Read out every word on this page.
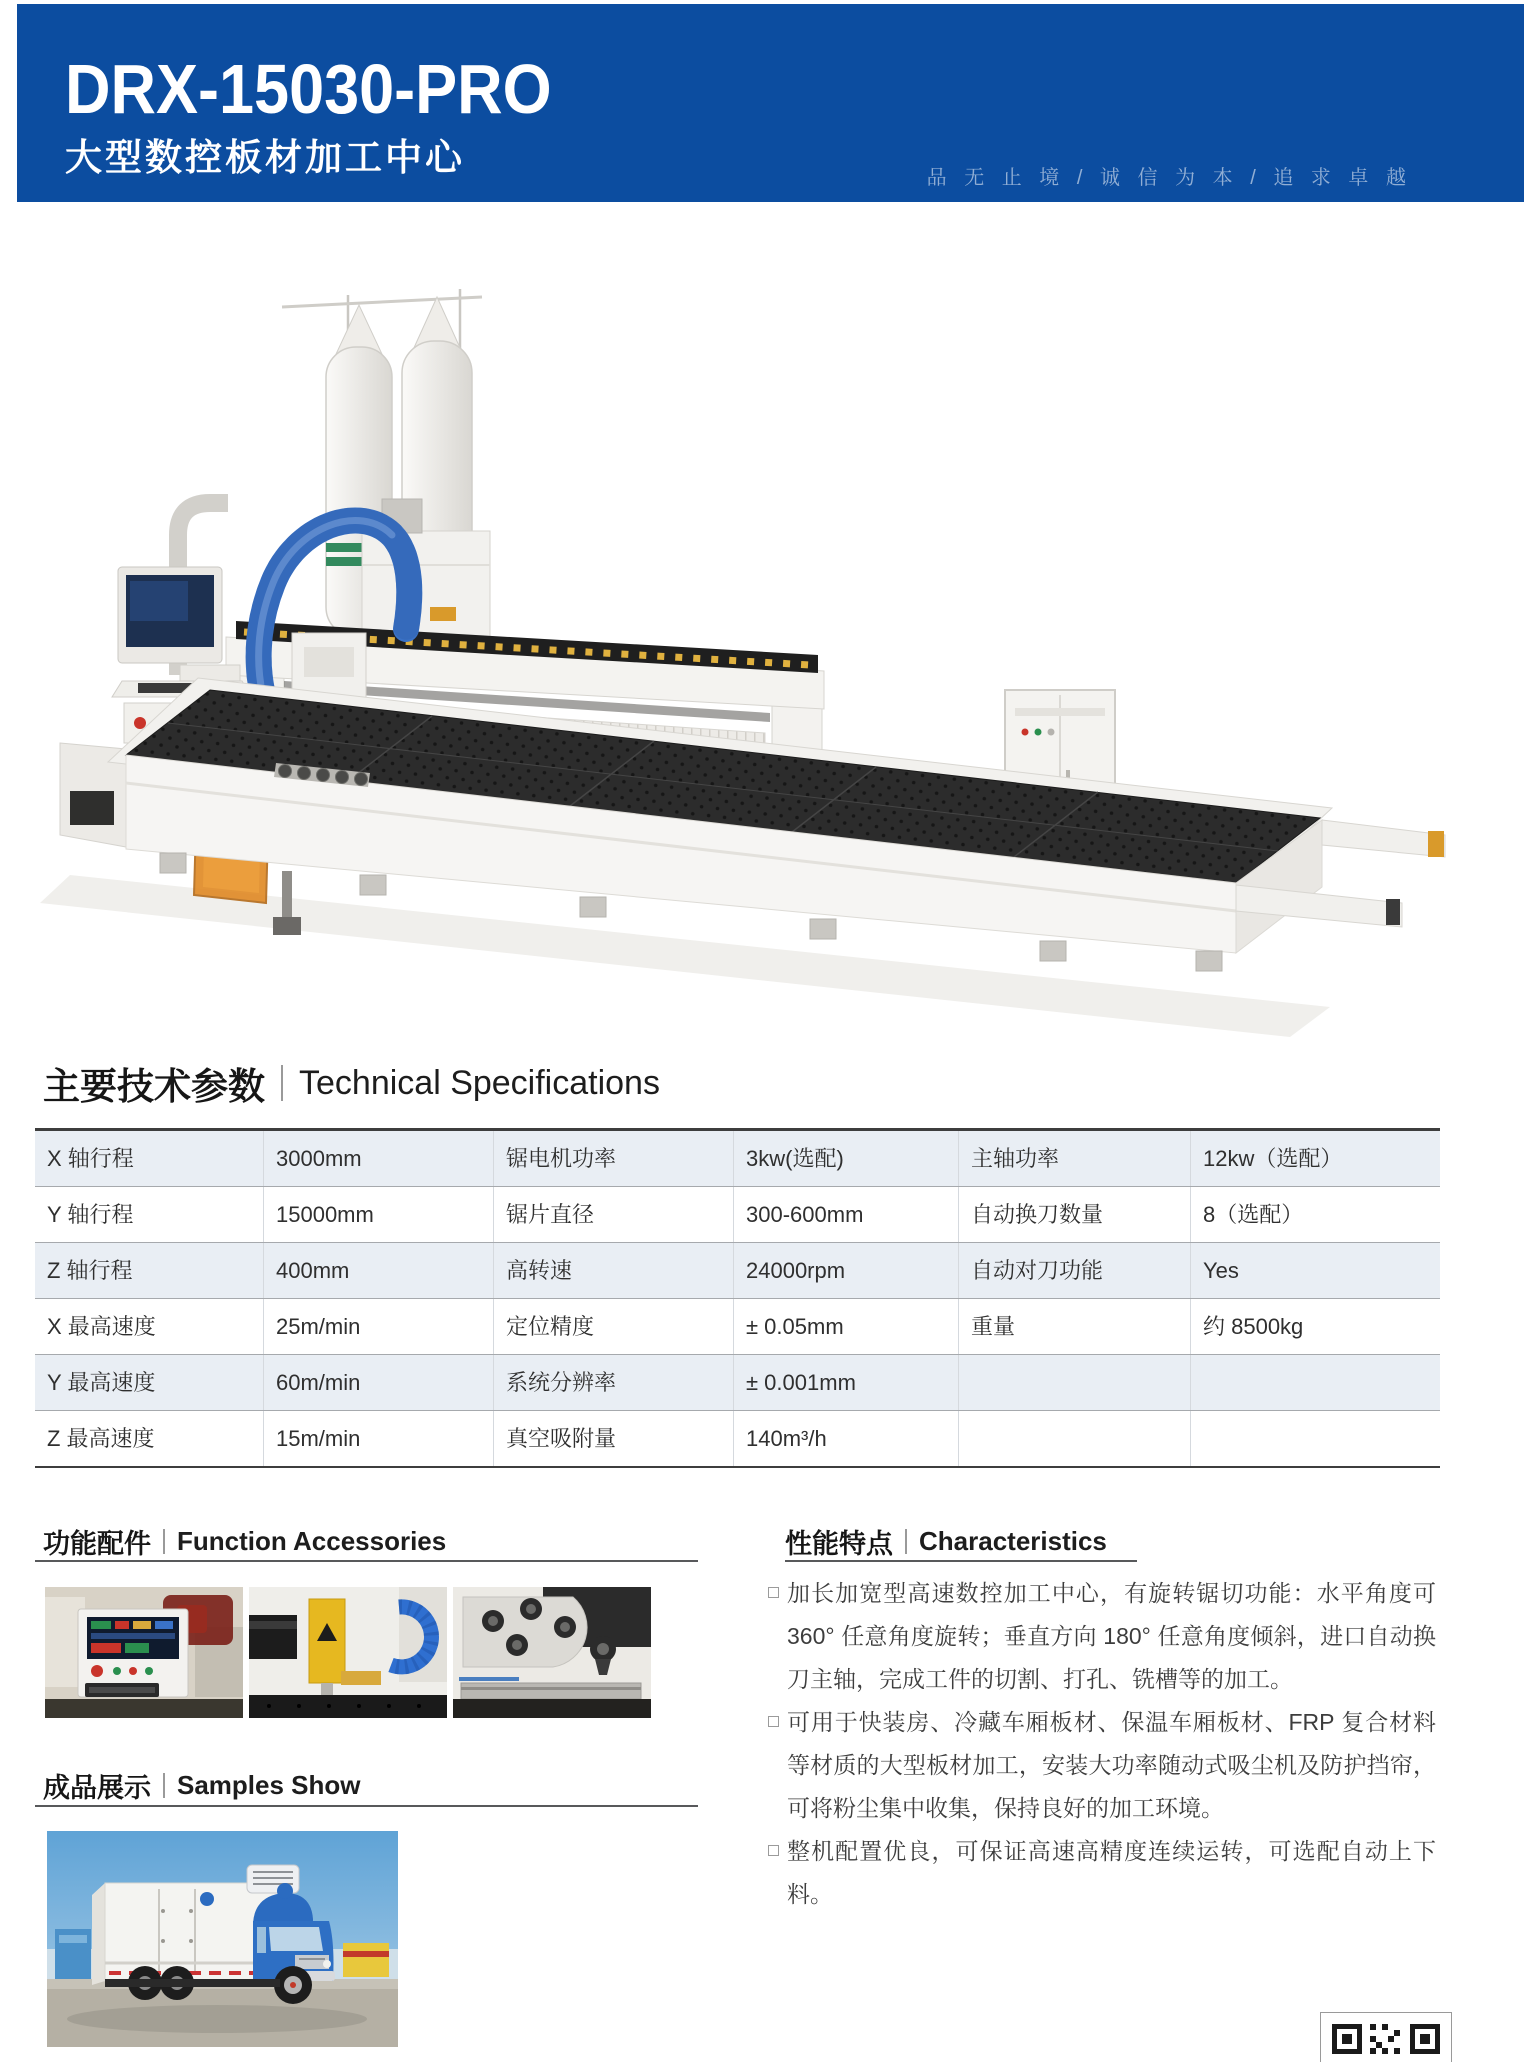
DRX-15030-PRO
大型数控板材加工中心	品 无 止 境 / 诚 信 为 本 / 追 求 卓 越

主要技术参数 Technical Specifications
X 轴行程	3000mm	锯电机功率	3kw(选配)	主轴功率	12kw（选配）
Y 轴行程	15000mm	锯片直径	300-600mm	自动换刀数量	8（选配）
Z 轴行程	400mm	高转速	24000rpm	自动对刀功能	Yes
X 最高速度	25m/min	定位精度	± 0.05mm	重量	约 8500kg
Y 最高速度	60m/min	系统分辨率	± 0.001mm
Z 最高速度	15m/min	真空吸附量	140m³/h
功能配件 Function Accessories
成品展示 Samples Show
性能特点 Characteristics

加长加宽型高速数控加工中心，有旋转锯切功能：水平角度可 360° 任意角度旋转；垂直方向 180° 任意角度倾斜，进口自动换刀主轴，完成工件的切割、打孔、铣槽等的加工。

可用于快装房、冷藏车厢板材、保温车厢板材、FRP 复合材料等材质的大型板材加工，安装大功率随动式吸尘机及防护挡帘，可将粉尘集中收集，保持良好的加工环境。

整机配置优良，可保证高速高精度连续运转，可选配自动上下料。
